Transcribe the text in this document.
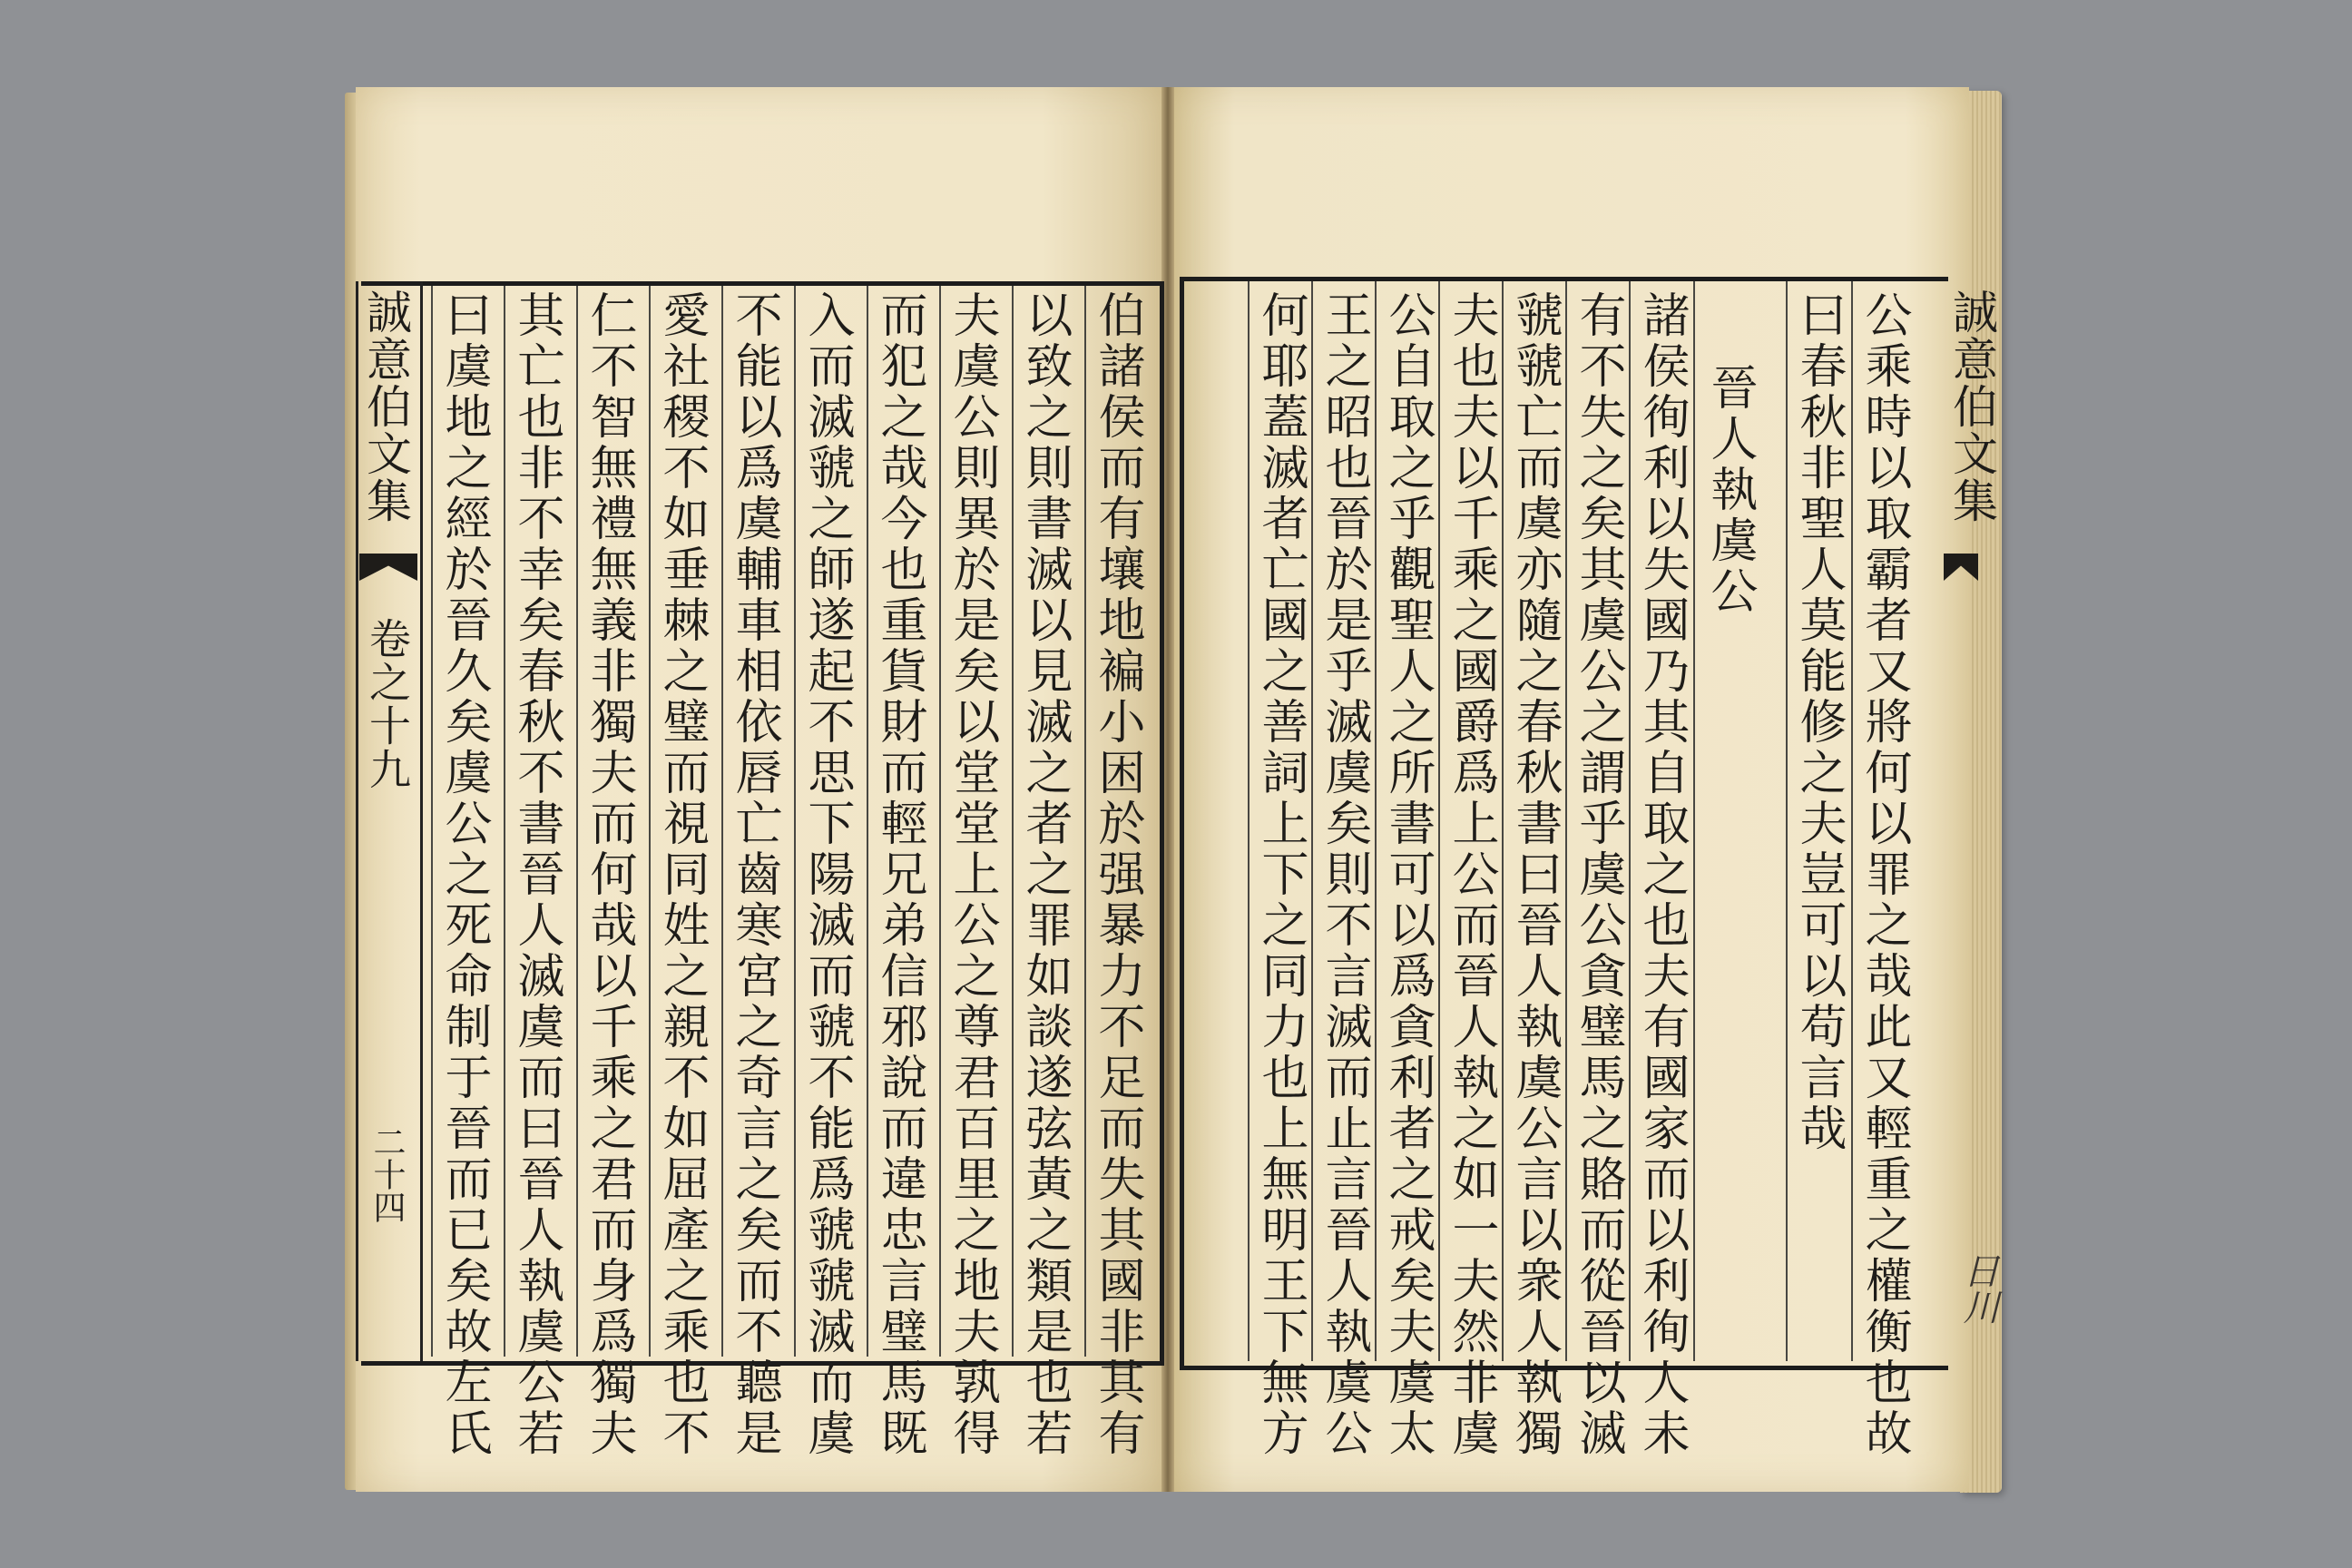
誠意伯文集
卷之十九
二十四	伯諸侯而有壤地褊小困於强暴力不足而失其國非其有
以致之則書滅以見滅之者之罪如談遂弦黃之類是也若
夫虞公則異於是矣以堂堂上公之尊君百里之地夫孰得
而犯之哉今也重貨財而輕兄弟信邪說而違忠言璧馬既
入而滅虢之師遂起不思下陽滅而虢不能爲虢虢滅而虞
不能以爲虞輔車相依唇亡齒寒宮之奇言之矣而不聽是
愛社稷不如垂棘之璧而視同姓之親不如屈產之乘也不
仁不智無禮無義非獨夫而何哉以千乘之君而身爲獨夫
其亡也非不幸矣春秋不書晉人滅虞而曰晉人執虞公若
曰虞地之經於晉久矣虞公之死命制于晉而已矣故左氏	公乘時以取霸者又將何以罪之哉此又輕重之權衡也故
曰春秋非聖人莫能修之夫豈可以苟言哉
晉人執虞公
諸侯徇利以失國乃其自取之也夫有國家而以利徇人未
有不失之矣其虞公之謂乎虞公貪璧馬之賂而從晉以滅
虢虢亡而虞亦隨之春秋書曰晉人執虞公言以衆人執獨
夫也夫以千乘之國爵爲上公而晉人執之如一夫然非虞
公自取之乎觀聖人之所書可以爲貪利者之戒矣夫虞太
王之昭也晉於是乎滅虞矣則不言滅而止言晉人執虞公
何耶蓋滅者亡國之善詞上下之同力也上無明王下無方	誠意伯文集
日川
